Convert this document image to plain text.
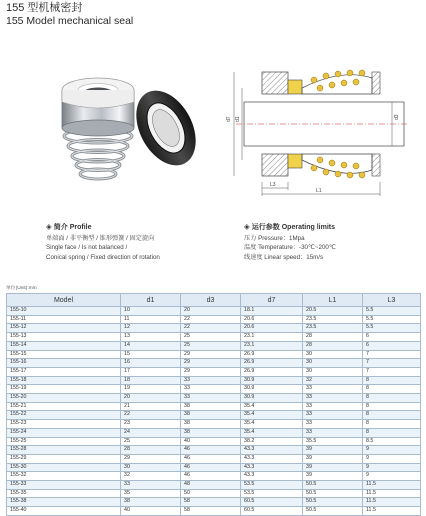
155 型机械密封
155 Model mechanical seal
d7 d1	d3
L3
L1
◈ 简介 Profile
单端面 / 非平衡型 / 锥形弹簧 / 固定旋向
Single face / Is not balanced /
Conical spring / Fixed direction of rotation
◈ 运行参数 Operating limits
压力 Pressure：1Mpa
温度 Temperature：-30℃~200℃
线速度 Linear speed：15m/s
单位(Unit):mm
Model	d1	d3	d7	L1	L3
155-10	10	20	18.1	20.5	5.5
155-11	11	22	20.6	23.5	5.5
155-12	12	22	20.6	23.5	5.5
155-13	13	25	23.1	28	6
155-14	14	25	23.1	28	6
155-15	15	29	26.9	30	7
155-16	16	29	26.9	30	7
155-17	17	29	26.9	30	7
155-18	18	33	30.9	32	8
155-19	19	33	30.9	33	8
155-20	20	33	30.9	33	8
155-21	21	38	35.4	33	8
155-22	22	38	35.4	33	8
155-23	23	38	35.4	33	8
155-24	24	38	35.4	33	8
155-25	25	40	38.2	35.5	8.5
155-28	28	46	43.3	39	9
155-29	29	46	43.3	39	9
155-30	30	46	43.3	39	9
155-32	32	46	43.3	39	9
155-33	33	48	53.5	50.5	11.5
155-35	35	50	53.5	50.5	11.5
155-38	38	58	60.5	50.5	11.5
155-40	40	58	60.5	50.5	11.5
